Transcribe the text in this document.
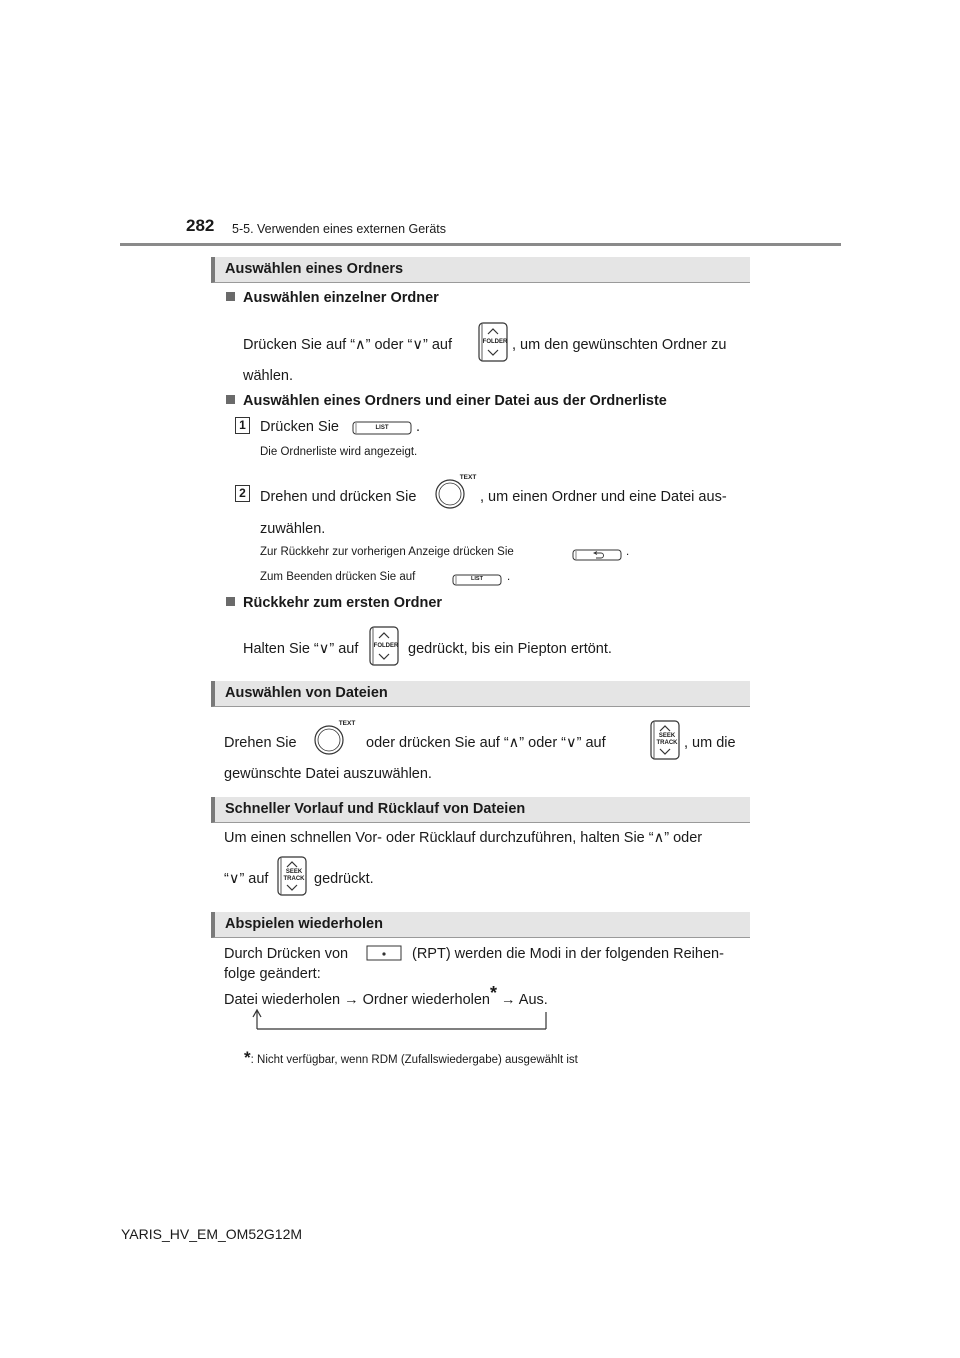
282 5-5. Verwenden eines externen Geräts
Auswählen eines Ordners
Auswählen einzelner Ordner
Drücken Sie auf “∧” oder “∨” auf	FOLDER , um den gewünschten Ordner zu
wählen.
Auswählen eines Ordners und einer Datei aus der Ordnerliste
1 Drücken Sie	LIST	.
Die Ordnerliste wird angezeigt.
2 Drehen und drücken Sie
TEXT
, um einen Ordner und eine Datei aus-
zuwählen.
Zur Rückkehr zur vorherigen Anzeige drücken Sie	.
Zum Beenden drücken Sie auf	LIST	.
Rückkehr zum ersten Ordner
Halten Sie “∨” auf	FOLDER gedrückt, bis ein Piepton ertönt.
Auswählen von Dateien
Drehen Sie
TEXT
oder drücken Sie auf “∧” oder “∨” auf	SEEK
TRACK , um die
gewünschte Datei auszuwählen.
Schneller Vorlauf und Rücklauf von Dateien
Um einen schnellen Vor- oder Rücklauf durchzuführen, halten Sie “∧” oder
“∨” auf	SEEK
TRACK gedrückt.
Abspielen wiederholen
Durch Drücken von	(RPT) werden die Modi in der folgenden Reihen-
folge geändert:
Datei wiederholen → Ordner wiederholen* → Aus.
*: Nicht verfügbar, wenn RDM (Zufallswiedergabe) ausgewählt ist
YARIS_HV_EM_OM52G12M
